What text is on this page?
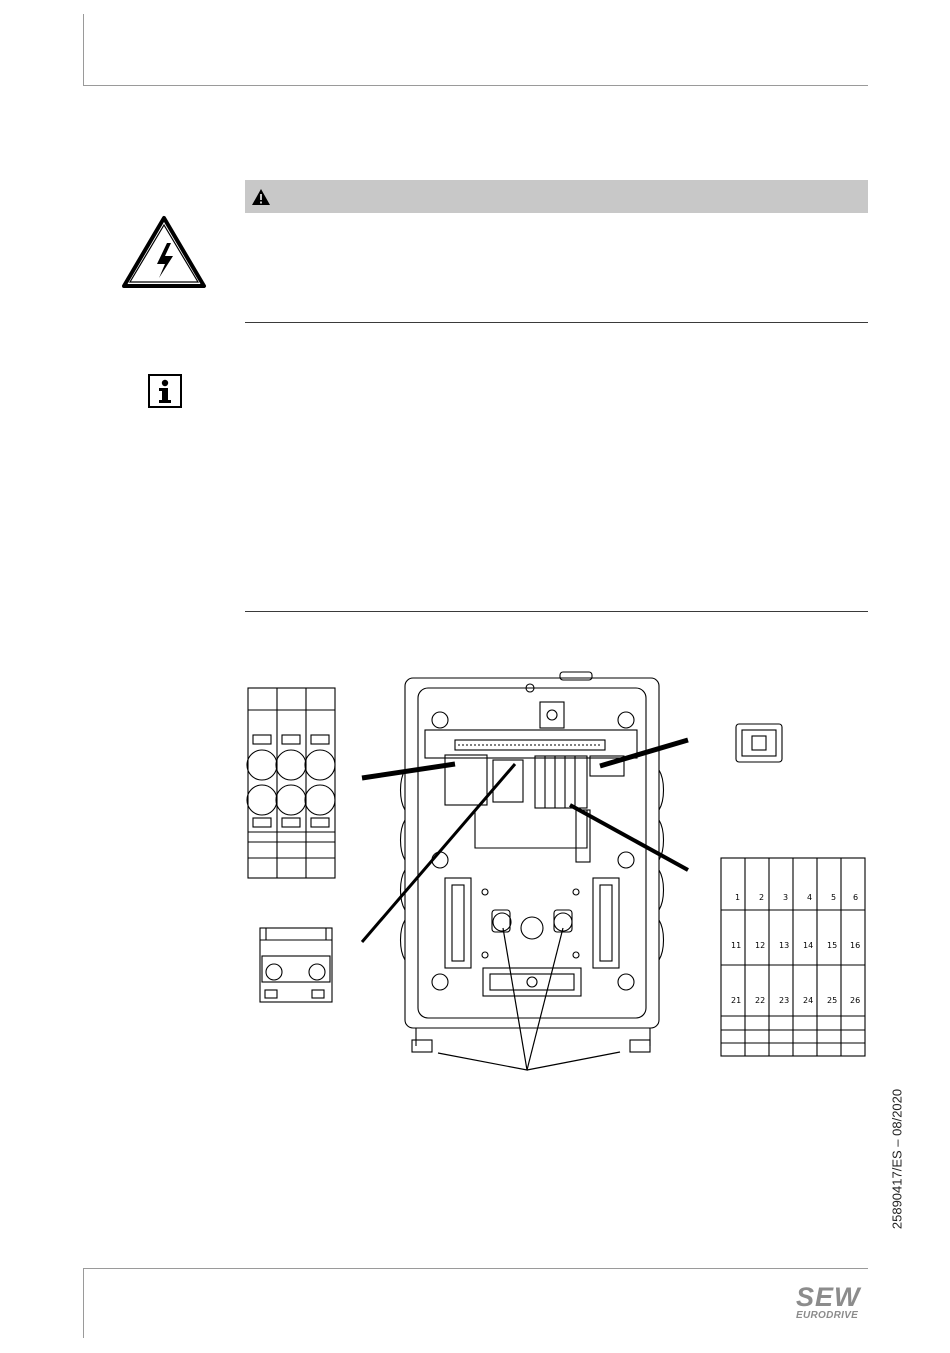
1 2 3 4 5 6
11 12 13 14 15 16
21 22 23 24 25 26
25890417/ES – 08/2020
SEW
EURODRIVE
